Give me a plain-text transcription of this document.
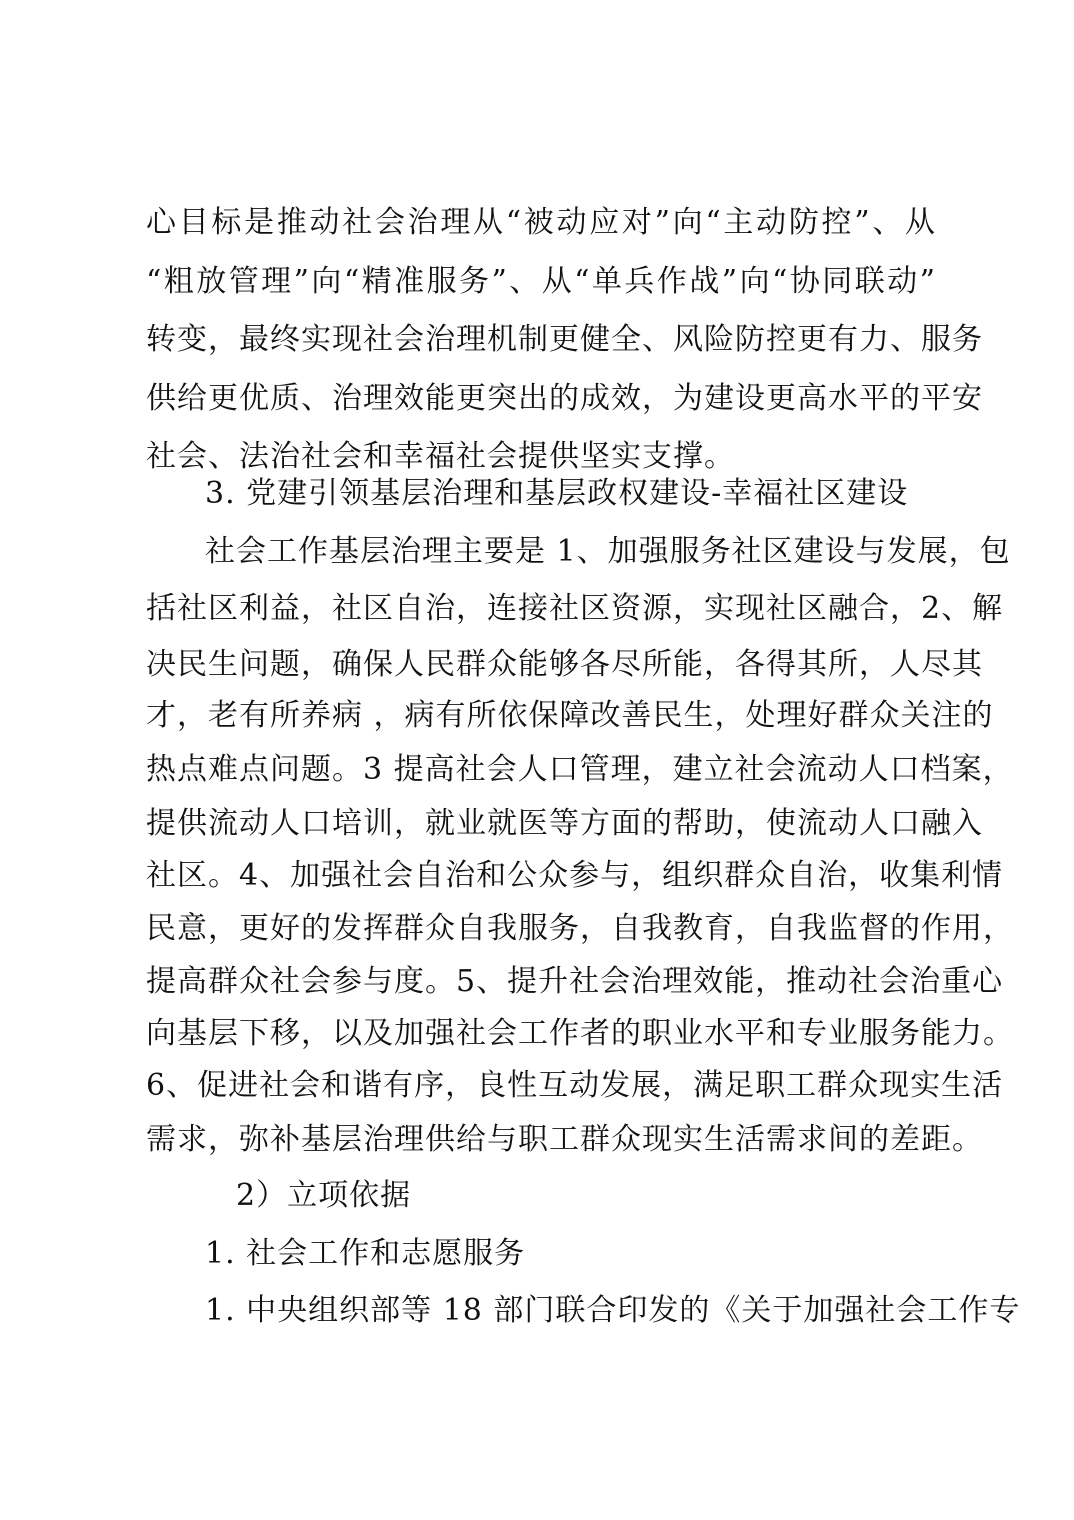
心目标是推动社会治理从“被动应对”向“主动防控”、从
“粗放管理”向“精准服务”、从“单兵作战”向“协同联动”
转变，最终实现社会治理机制更健全、风险防控更有力、服务
供给更优质、治理效能更突出的成效，为建设更高水平的平安
社会、法治社会和幸福社会提供坚实支撑。
3. 党建引领基层治理和基层政权建设-幸福社区建设
社会工作基层治理主要是 1、加强服务社区建设与发展，包
括社区利益，社区自治，连接社区资源，实现社区融合，2、解
决民生问题，确保人民群众能够各尽所能，各得其所，人尽其
才，老有所养病 ，病有所依保障改善民生，处理好群众关注的
热点难点问题。3 提高社会人口管理，建立社会流动人口档案，
提供流动人口培训，就业就医等方面的帮助，使流动人口融入
社区。4、加强社会自治和公众参与，组织群众自治，收集利情
民意，更好的发挥群众自我服务，自我教育，自我监督的作用，
提高群众社会参与度。5、提升社会治理效能，推动社会治重心
向基层下移，以及加强社会工作者的职业水平和专业服务能力。
6、促进社会和谐有序，良性互动发展，满足职工群众现实生活
需求，弥补基层治理供给与职工群众现实生活需求间的差距。
2）立项依据
1. 社会工作和志愿服务
1. 中央组织部等 18 部门联合印发的《关于加强社会工作专
